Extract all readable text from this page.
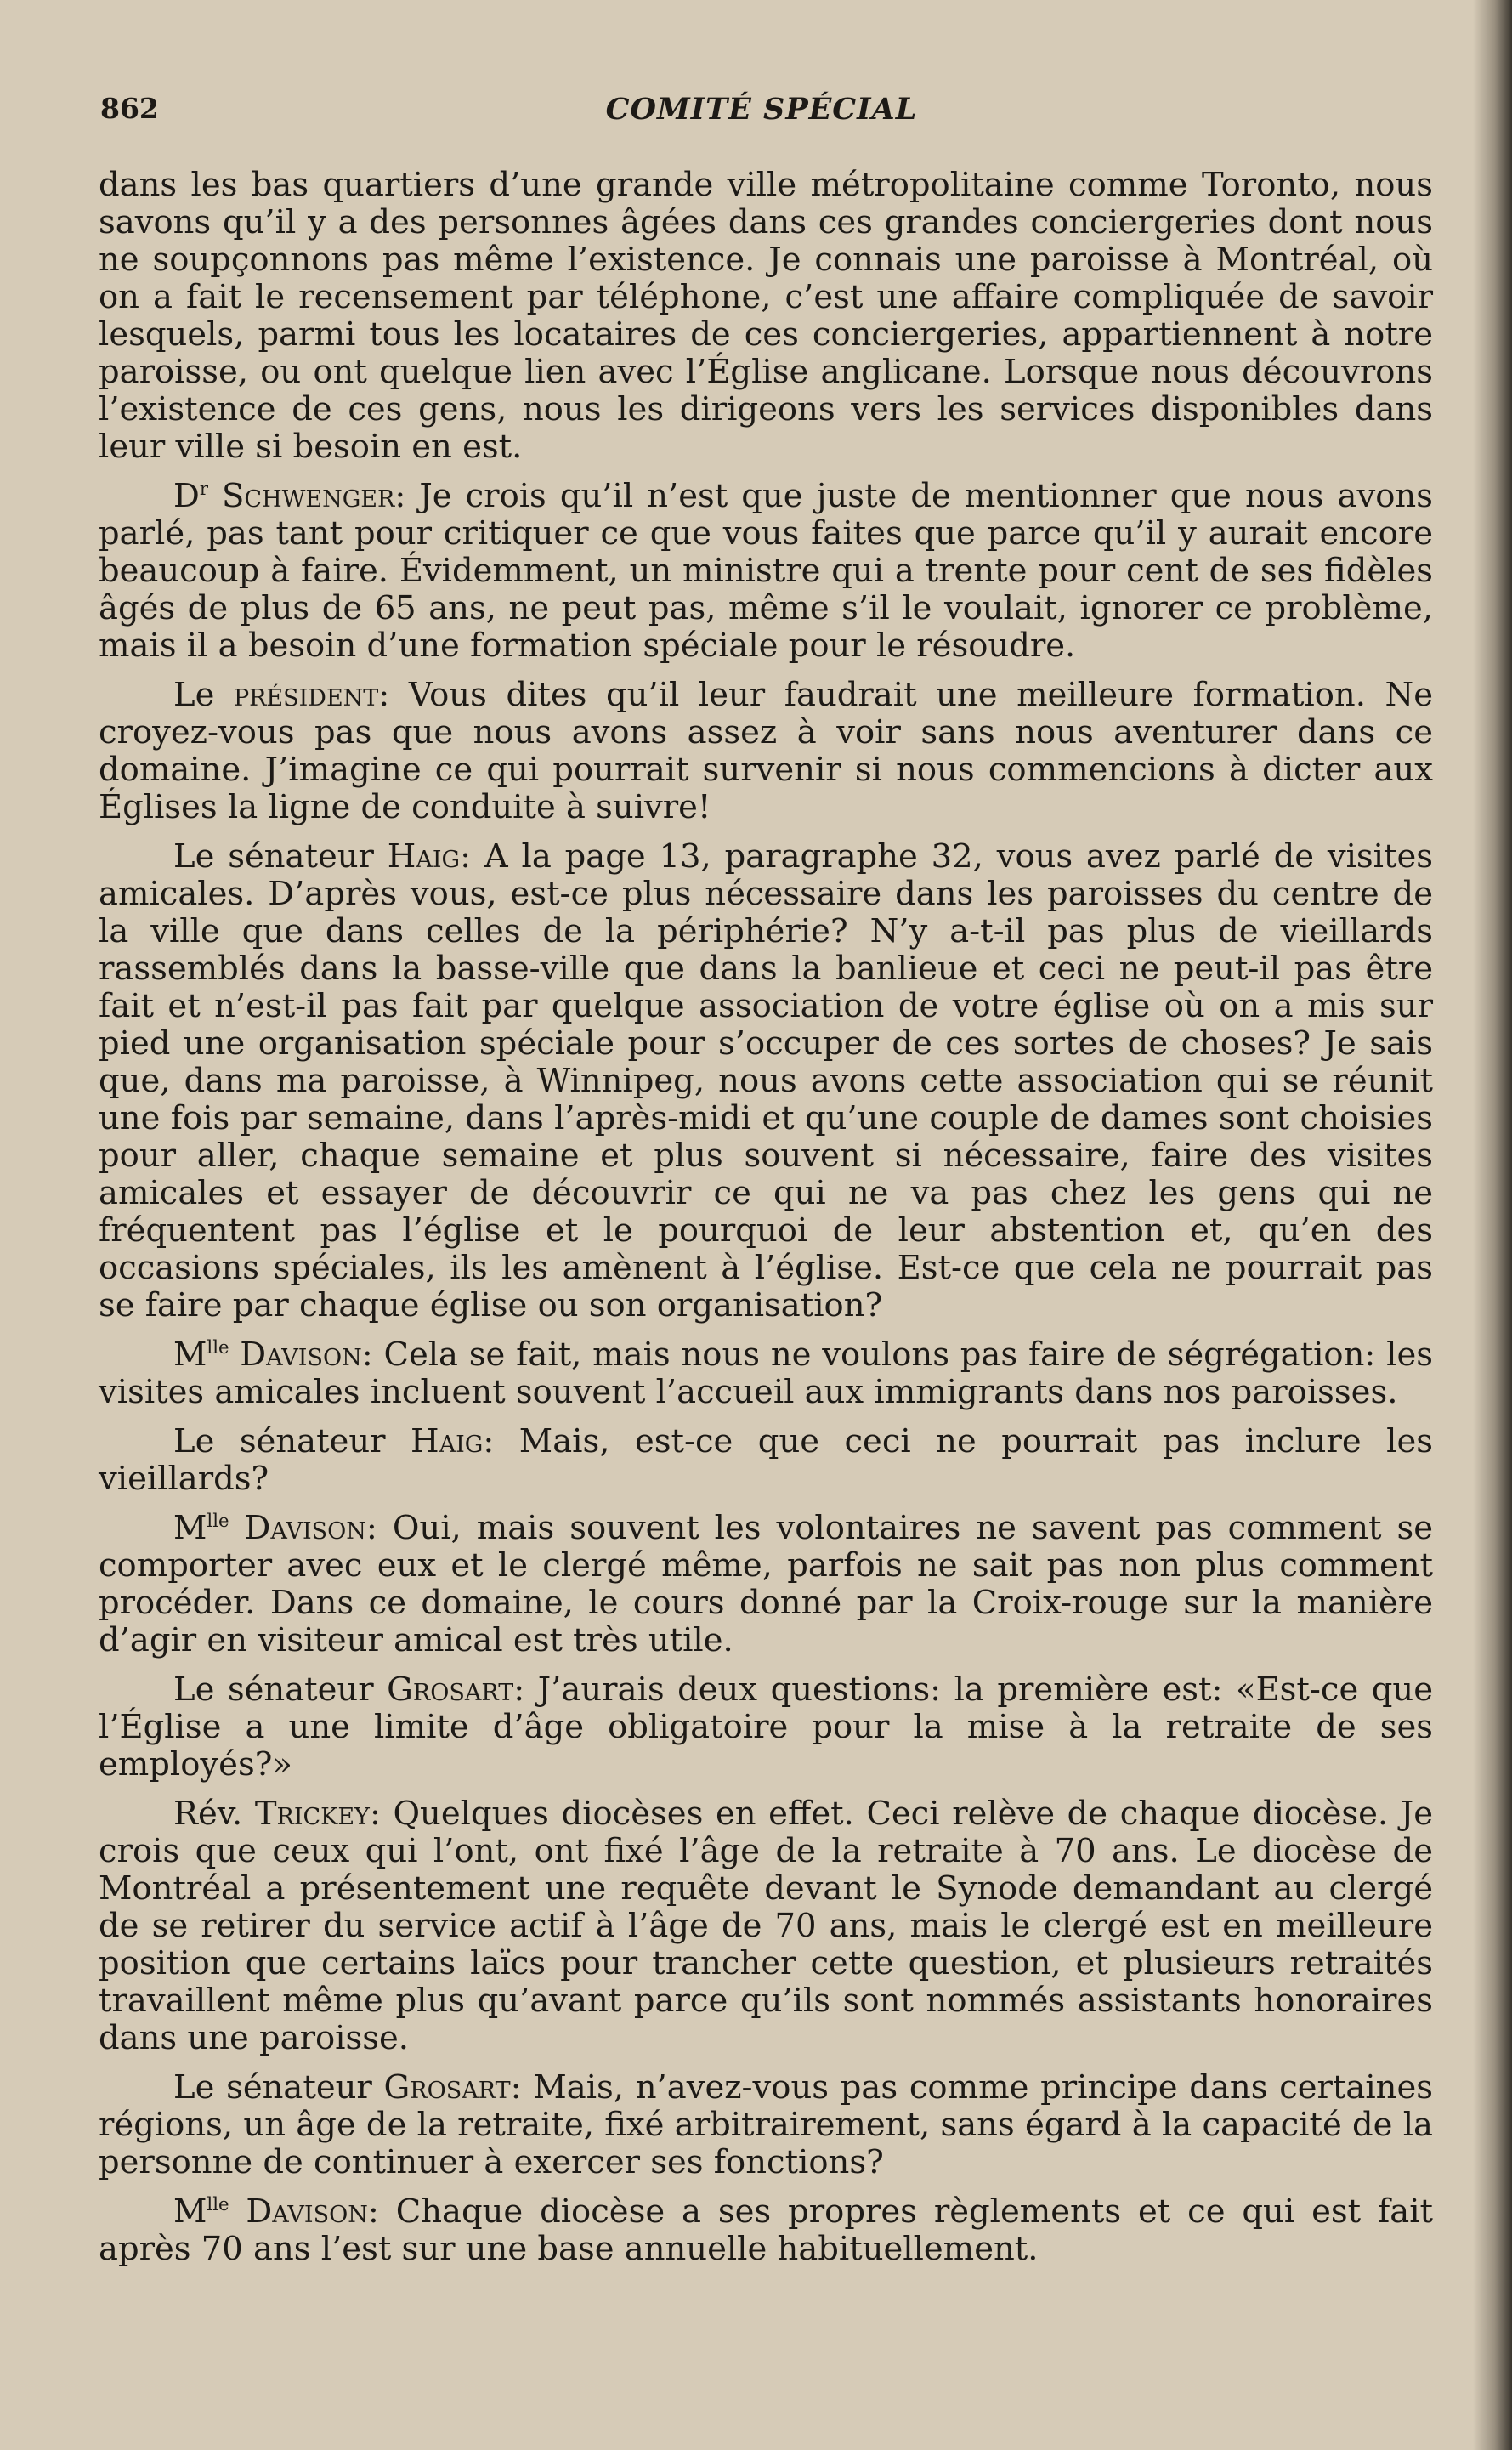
862	COMITÉ SPÉCIAL

dans les bas quartiers d’une grande ville métropolitaine comme Toronto, nous savons qu’il y a des personnes âgées dans ces grandes conciergeries dont nous ne soupçonnons pas même l’existence. Je connais une paroisse à Montréal, où on a fait le recensement par téléphone, c’est une affaire compliquée de savoir lesquels, parmi tous les locataires de ces conciergeries, appartiennent à notre paroisse, ou ont quelque lien avec l’Église anglicane. Lorsque nous découvrons l’existence de ces gens, nous les dirigeons vers les services disponibles dans leur ville si besoin en est.

$D^r$ Schwenger: Je crois qu’il n’est que juste de mentionner que nous avons parlé, pas tant pour critiquer ce que vous faites que parce qu’il y aurait encore beaucoup à faire. Évidemment, un ministre qui a trente pour cent de ses fidèles âgés de plus de 65 ans, ne peut pas, même s’il le voulait, ignorer ce problème, mais il a besoin d’une formation spéciale pour le résoudre.

Le président: Vous dites qu’il leur faudrait une meilleure formation. Ne croyez-vous pas que nous avons assez à voir sans nous aventurer dans ce domaine. J’imagine ce qui pourrait survenir si nous commencions à dicter aux Églises la ligne de conduite à suivre!

Le sénateur Haig: A la page 13, paragraphe 32, vous avez parlé de visites amicales. D’après vous, est-ce plus nécessaire dans les paroisses du centre de la ville que dans celles de la périphérie? N’y a-t-il pas plus de vieillards rassemblés dans la basse-ville que dans la banlieue et ceci ne peut-il pas être fait et n’est-il pas fait par quelque association de votre église où on a mis sur pied une organisation spéciale pour s’occuper de ces sortes de choses? Je sais que, dans ma paroisse, à Winnipeg, nous avons cette association qui se réunit une fois par semaine, dans l’après-midi et qu’une couple de dames sont choisies pour aller, chaque semaine et plus souvent si nécessaire, faire des visites amicales et essayer de découvrir ce qui ne va pas chez les gens qui ne fréquentent pas l’église et le pourquoi de leur abstention et, qu’en des occasions spéciales, ils les amènent à l’église. Est-ce que cela ne pourrait pas se faire par chaque église ou son organisation?

$M^{lle}$ Davison: Cela se fait, mais nous ne voulons pas faire de ségrégation: les visites amicales incluent souvent l’accueil aux immigrants dans nos paroisses.

Le sénateur Haig: Mais, est-ce que ceci ne pourrait pas inclure les vieillards?

$M^{lle}$ Davison: Oui, mais souvent les volontaires ne savent pas comment se comporter avec eux et le clergé même, parfois ne sait pas non plus comment procéder. Dans ce domaine, le cours donné par la Croix-rouge sur la manière d’agir en visiteur amical est très utile.

Le sénateur Grosart: J’aurais deux questions: la première est: «Est-ce que l’Église a une limite d’âge obligatoire pour la mise à la retraite de ses employés?»

Rév. Trickey: Quelques diocèses en effet. Ceci relève de chaque diocèse. Je crois que ceux qui l’ont, ont fixé l’âge de la retraite à 70 ans. Le diocèse de Montréal a présentement une requête devant le Synode demandant au clergé de se retirer du service actif à l’âge de 70 ans, mais le clergé est en meilleure position que certains laïcs pour trancher cette question, et plusieurs retraités travaillent même plus qu’avant parce qu’ils sont nommés assistants honoraires dans une paroisse.

Le sénateur Grosart: Mais, n’avez-vous pas comme principe dans certaines régions, un âge de la retraite, fixé arbitrairement, sans égard à la capacité de la personne de continuer à exercer ses fonctions?

$M^{lle}$ Davison: Chaque diocèse a ses propres règlements et ce qui est fait après 70 ans l’est sur une base annuelle habituellement.
